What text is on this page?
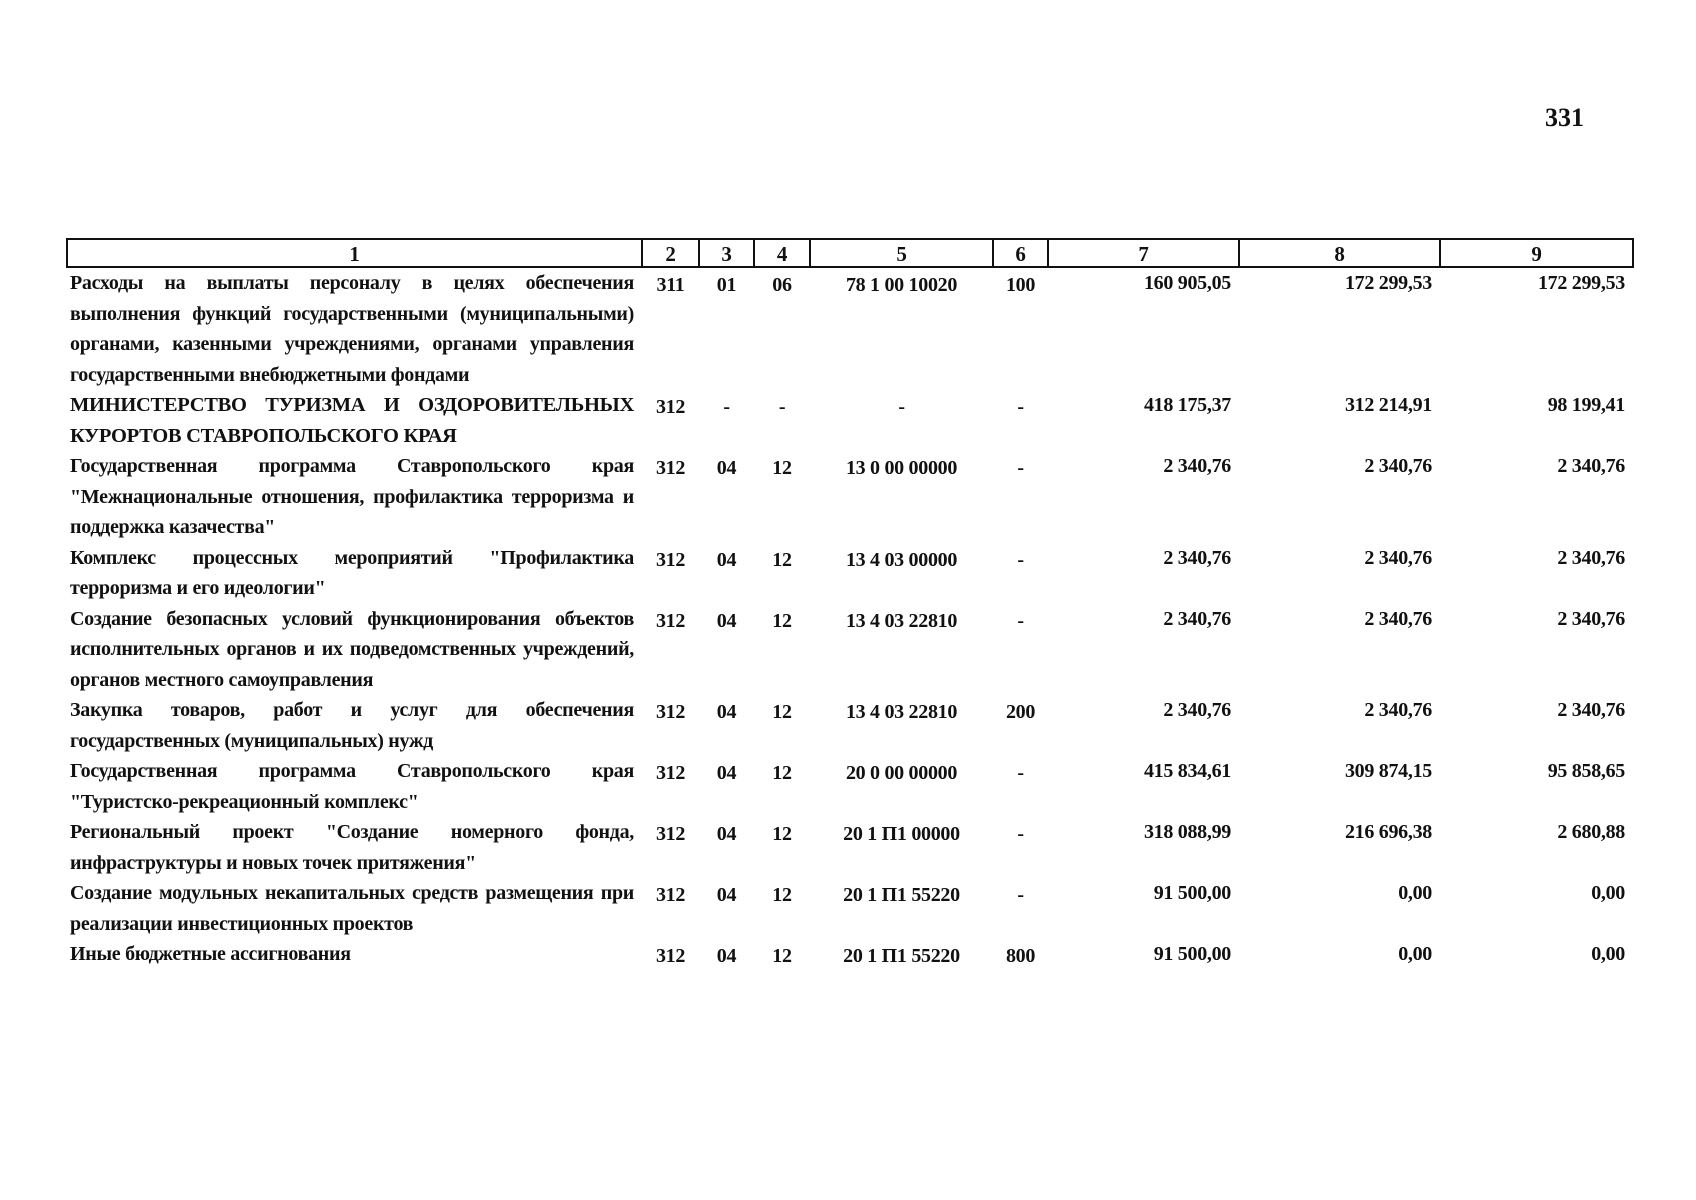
331
1	2	3	4	5	6	7	8	9
Расходы на выплаты персоналу в целях обеспечения выполнения функций государственными (муниципальными) органами, казенными учреждениями, органами управления государственными внебюджетными фондами	311	01	06	78 1 00 10020	100	160 905,05	172 299,53	172 299,53
МИНИСТЕРСТВО ТУРИЗМА И ОЗДОРОВИТЕЛЬНЫХ КУРОРТОВ СТАВРОПОЛЬСКОГО КРАЯ	312	-	-	-	-	418 175,37	312 214,91	98 199,41
Государственная программа Ставропольского края "Межнациональные отношения, профилактика терроризма и поддержка казачества"	312	04	12	13 0 00 00000	-	2 340,76	2 340,76	2 340,76
Комплекс процессных мероприятий "Профилактика терроризма и его идеологии"	312	04	12	13 4 03 00000	-	2 340,76	2 340,76	2 340,76
Создание безопасных условий функционирования объектов исполнительных органов и их подведомственных учреждений, органов местного самоуправления	312	04	12	13 4 03 22810	-	2 340,76	2 340,76	2 340,76
Закупка товаров, работ и услуг для обеспечения государственных (муниципальных) нужд	312	04	12	13 4 03 22810	200	2 340,76	2 340,76	2 340,76
Государственная программа Ставропольского края "Туристско-рекреационный комплекс"	312	04	12	20 0 00 00000	-	415 834,61	309 874,15	95 858,65
Региональный проект "Создание номерного фонда, инфраструктуры и новых точек притяжения"	312	04	12	20 1 П1 00000	-	318 088,99	216 696,38	2 680,88
Создание модульных некапитальных средств размещения при реализации инвестиционных проектов	312	04	12	20 1 П1 55220	-	91 500,00	0,00	0,00
Иные бюджетные ассигнования	312	04	12	20 1 П1 55220	800	91 500,00	0,00	0,00
